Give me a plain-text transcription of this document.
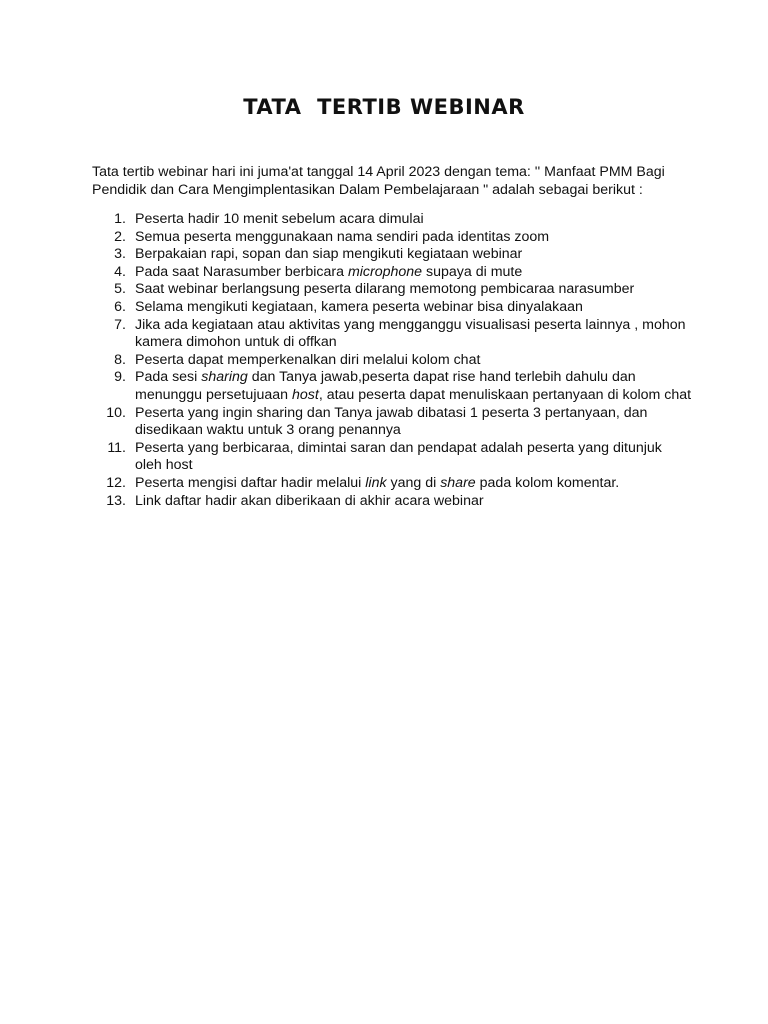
TATA  TERTIB WEBINAR

Tata tertib webinar hari ini juma'at tanggal 14 April 2023 dengan tema: '' Manfaat PMM Bagi Pendidik dan Cara Mengimplentasikan Dalam Pembelajaraan " adalah sebagai berikut :

1. Peserta hadir 10 menit sebelum acara dimulai
2. Semua peserta menggunakaan nama sendiri pada identitas zoom
3. Berpakaian rapi, sopan dan siap mengikuti kegiataan webinar
4. Pada saat Narasumber berbicara microphone supaya di mute
5. Saat webinar berlangsung peserta dilarang memotong pembicaraa narasumber
6. Selama mengikuti kegiataan, kamera peserta webinar bisa dinyalakaan
7. Jika ada kegiataan atau aktivitas yang mengganggu visualisasi peserta lainnya , mohon kamera dimohon untuk di offkan
8. Peserta dapat memperkenalkan diri melalui kolom chat
9. Pada sesi sharing dan Tanya jawab,peserta dapat rise hand terlebih dahulu dan menunggu persetujuaan host, atau peserta dapat menuliskaan pertanyaan di kolom chat
10. Peserta yang ingin sharing dan Tanya jawab dibatasi 1 peserta 3 pertanyaan, dan disedikaan waktu untuk 3 orang penannya
11. Peserta yang berbicaraa, dimintai saran dan pendapat adalah peserta yang ditunjuk oleh host
12. Peserta mengisi daftar hadir melalui link yang di share pada kolom komentar.
13. Link daftar hadir akan diberikaan di akhir acara webinar
